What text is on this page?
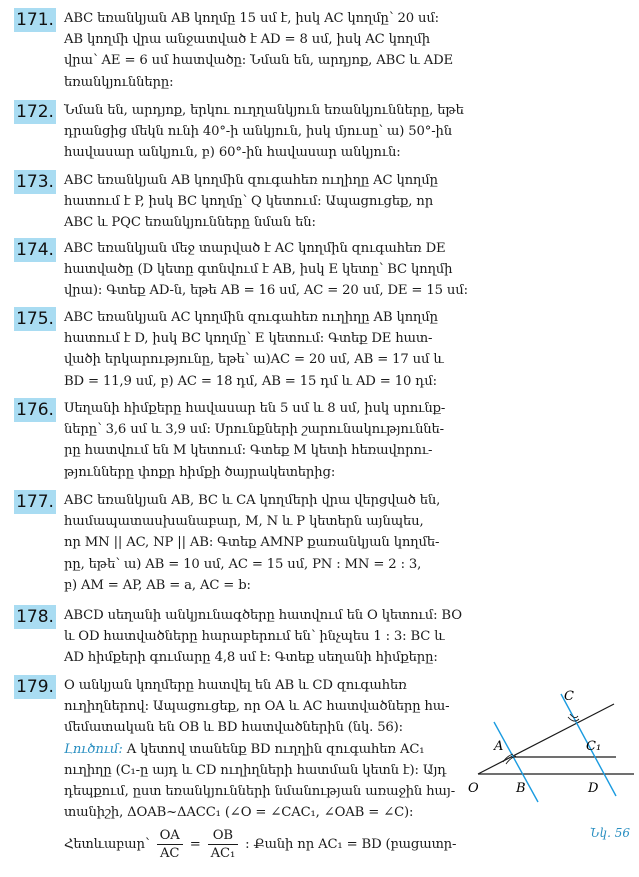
171. ABC եռանկյան AB կողմը 15 սմ է, իսկ AC կողմը՝ 20 սմ:
AB կողմի վրա անջատված է AD = 8 սմ, իսկ AC կողմի
վրա՝ AE = 6 սմ հատվածը: Նման են, արդյոք, ABC և ADE
եռանկյունները:
172. Նման են, արդյոք, երկու ուղղանկյուն եռանկյունները, եթե
դրանցից մեկն ունի 40°-ի անկյուն, իսկ մյուսը՝ ա) 50°-ին
հավասար անկյուն, բ) 60°-ին հավասար անկյուն:
173. ABC եռանկյան AB կողմին զուգահեռ ուղիղը AC կողմը
հատում է P, իսկ BC կողմը՝ Q կետում: Ապացուցեք, որ
ABC և PQC եռանկյունները նման են:
174. ABC եռանկյան մեջ տարված է AC կողմին զուգահեռ DE
հատվածը (D կետը գտնվում է AB, իսկ E կետը՝ BC կողմի
վրա): Գտեք AD-ն, եթե AB = 16 սմ, AC = 20 սմ, DE = 15 սմ:
175. ABC եռանկյան AC կողմին զուգահեռ ուղիղը AB կողմը
հատում է D, իսկ BC կողմը՝ E կետում: Գտեք DE հատ-
վածի երկարությունը, եթե՝ ա)AC = 20 սմ, AB = 17 սմ և
BD = 11,9 սմ, բ) AC = 18 դմ, AB = 15 դմ և AD = 10 դմ:
176. Սեղանի հիմքերը հավասար են 5 սմ և 8 սմ, իսկ սրունք-
ները՝ 3,6 սմ և 3,9 սմ: Սրունքների շարունակություննե-
րը հատվում են M կետում: Գտեք M կետի հեռավորու-
թյունները փոքր հիմքի ծայրակետերից:
177. ABC եռանկյան AB, BC և CA կողմերի վրա վերցված են,
համապատասխանաբար, M, N և P կետերն այնպես,
որ MN || AC, NP || AB: Գտեք AMNP քառանկյան կողմե-
րը, եթե՝ ա) AB = 10 սմ, AC = 15 սմ, PN : MN = 2 : 3,
բ) AM = AP, AB = a, AC = b:
178. ABCD սեղանի անկյունագծերը հատվում են O կետում: BO
և OD հատվածները հարաբերում են՝ ինչպես 1 : 3: BC և
AD հիմքերի գումարը 4,8 սմ է: Գտեք սեղանի հիմքերը:
179. O անկյան կողմերը հատվել են AB և CD զուգահեռ
ուղիղներով: Ապացուցեք, որ OA և AC հատվածները հա-
մեմատական են OB և BD հատվածներին (նկ. 56):
Լուծում: A կետով տանենք BD ուղղին զուգահեռ AC₁
ուղիղը (C₁-ը այդ և CD ուղիղների հատման կետն է): Այդ
դեպքում, ըստ եռանկյունների նմանության առաջին հայ-
տանիշի, ΔOAB~ΔACC₁ (∠O = ∠CAC₁, ∠OAB = ∠C):
Հետևաբար՝ $\frac{OA}{AC} = \frac{OB}{\text{AC₁}}$ : Քանի որ AC₁ = BD (բացատր-
C
A	C₁
O	B	D
Նկ. 56
